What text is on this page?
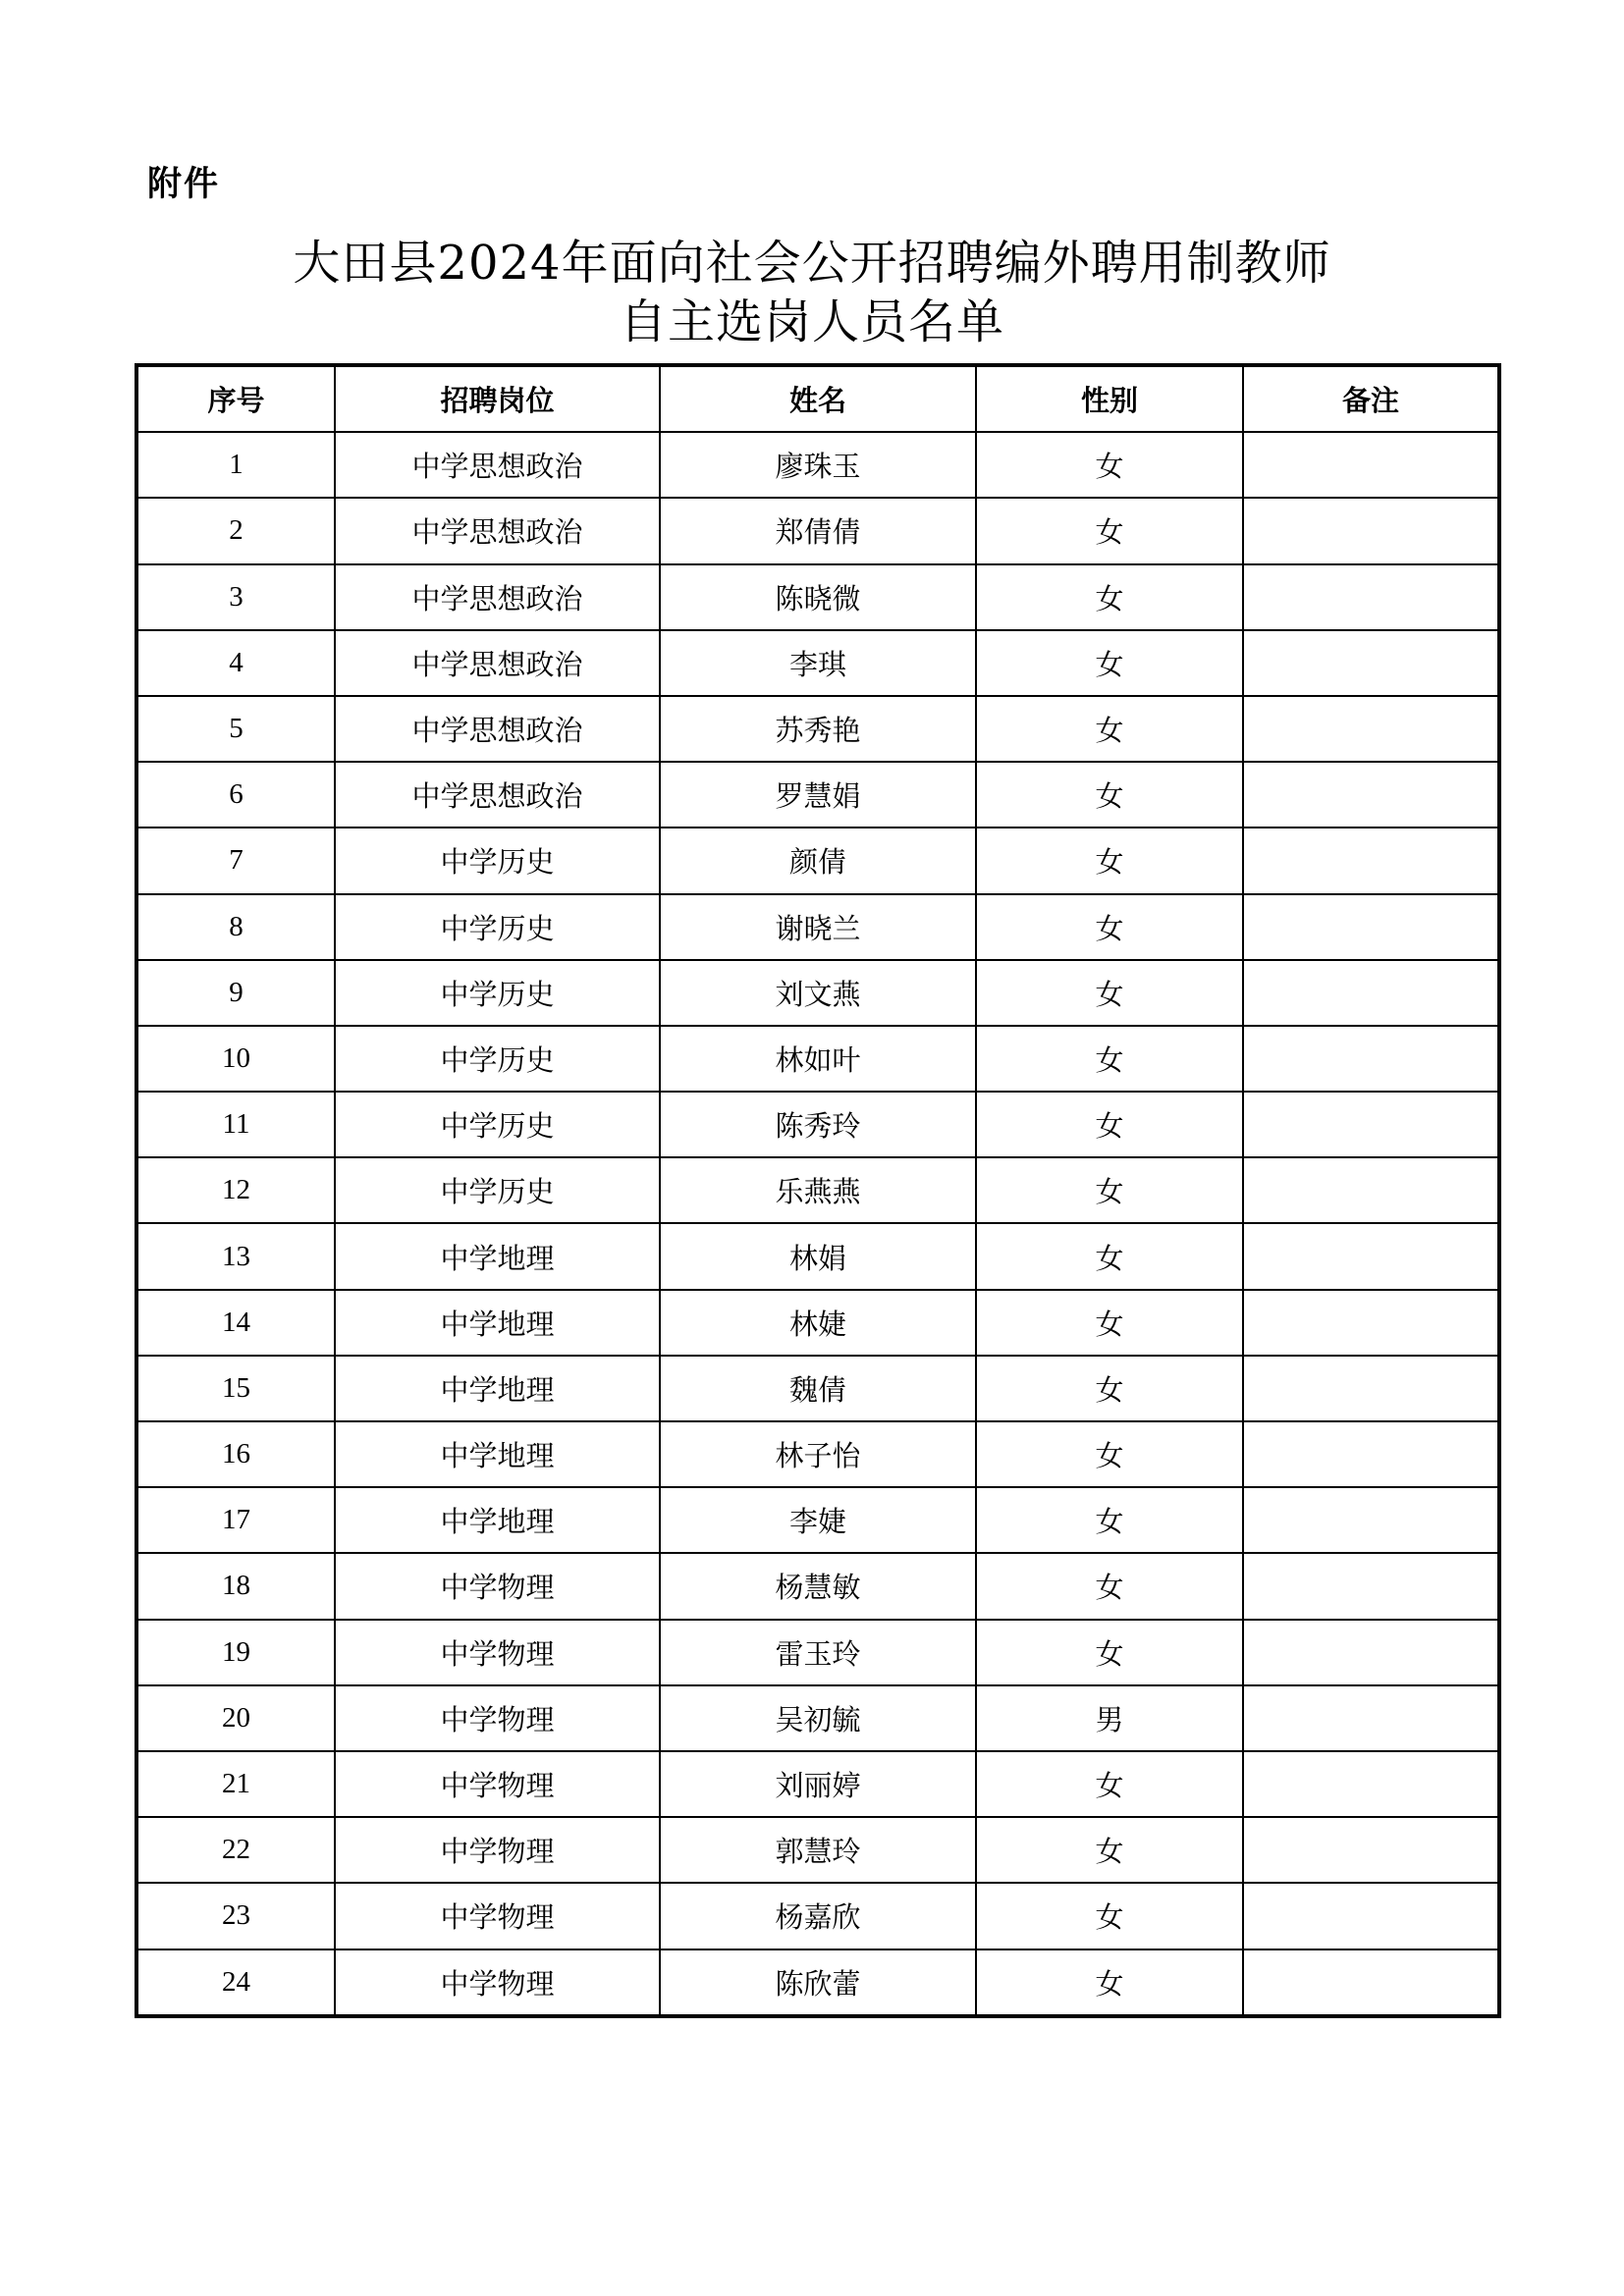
附件
大田县2024年面向社会公开招聘编外聘用制教师
自主选岗人员名单
序号	招聘岗位	姓名	性别	备注
1	中学思想政治	廖珠玉	女	
2	中学思想政治	郑倩倩	女	
3	中学思想政治	陈晓微	女	
4	中学思想政治	李琪	女	
5	中学思想政治	苏秀艳	女	
6	中学思想政治	罗慧娟	女	
7	中学历史	颜倩	女	
8	中学历史	谢晓兰	女	
9	中学历史	刘文燕	女	
10	中学历史	林如叶	女	
11	中学历史	陈秀玲	女	
12	中学历史	乐燕燕	女	
13	中学地理	林娟	女	
14	中学地理	林婕	女	
15	中学地理	魏倩	女	
16	中学地理	林子怡	女	
17	中学地理	李婕	女	
18	中学物理	杨慧敏	女	
19	中学物理	雷玉玲	女	
20	中学物理	吴初毓	男	
21	中学物理	刘丽婷	女	
22	中学物理	郭慧玲	女	
23	中学物理	杨嘉欣	女	
24	中学物理	陈欣蕾	女	
